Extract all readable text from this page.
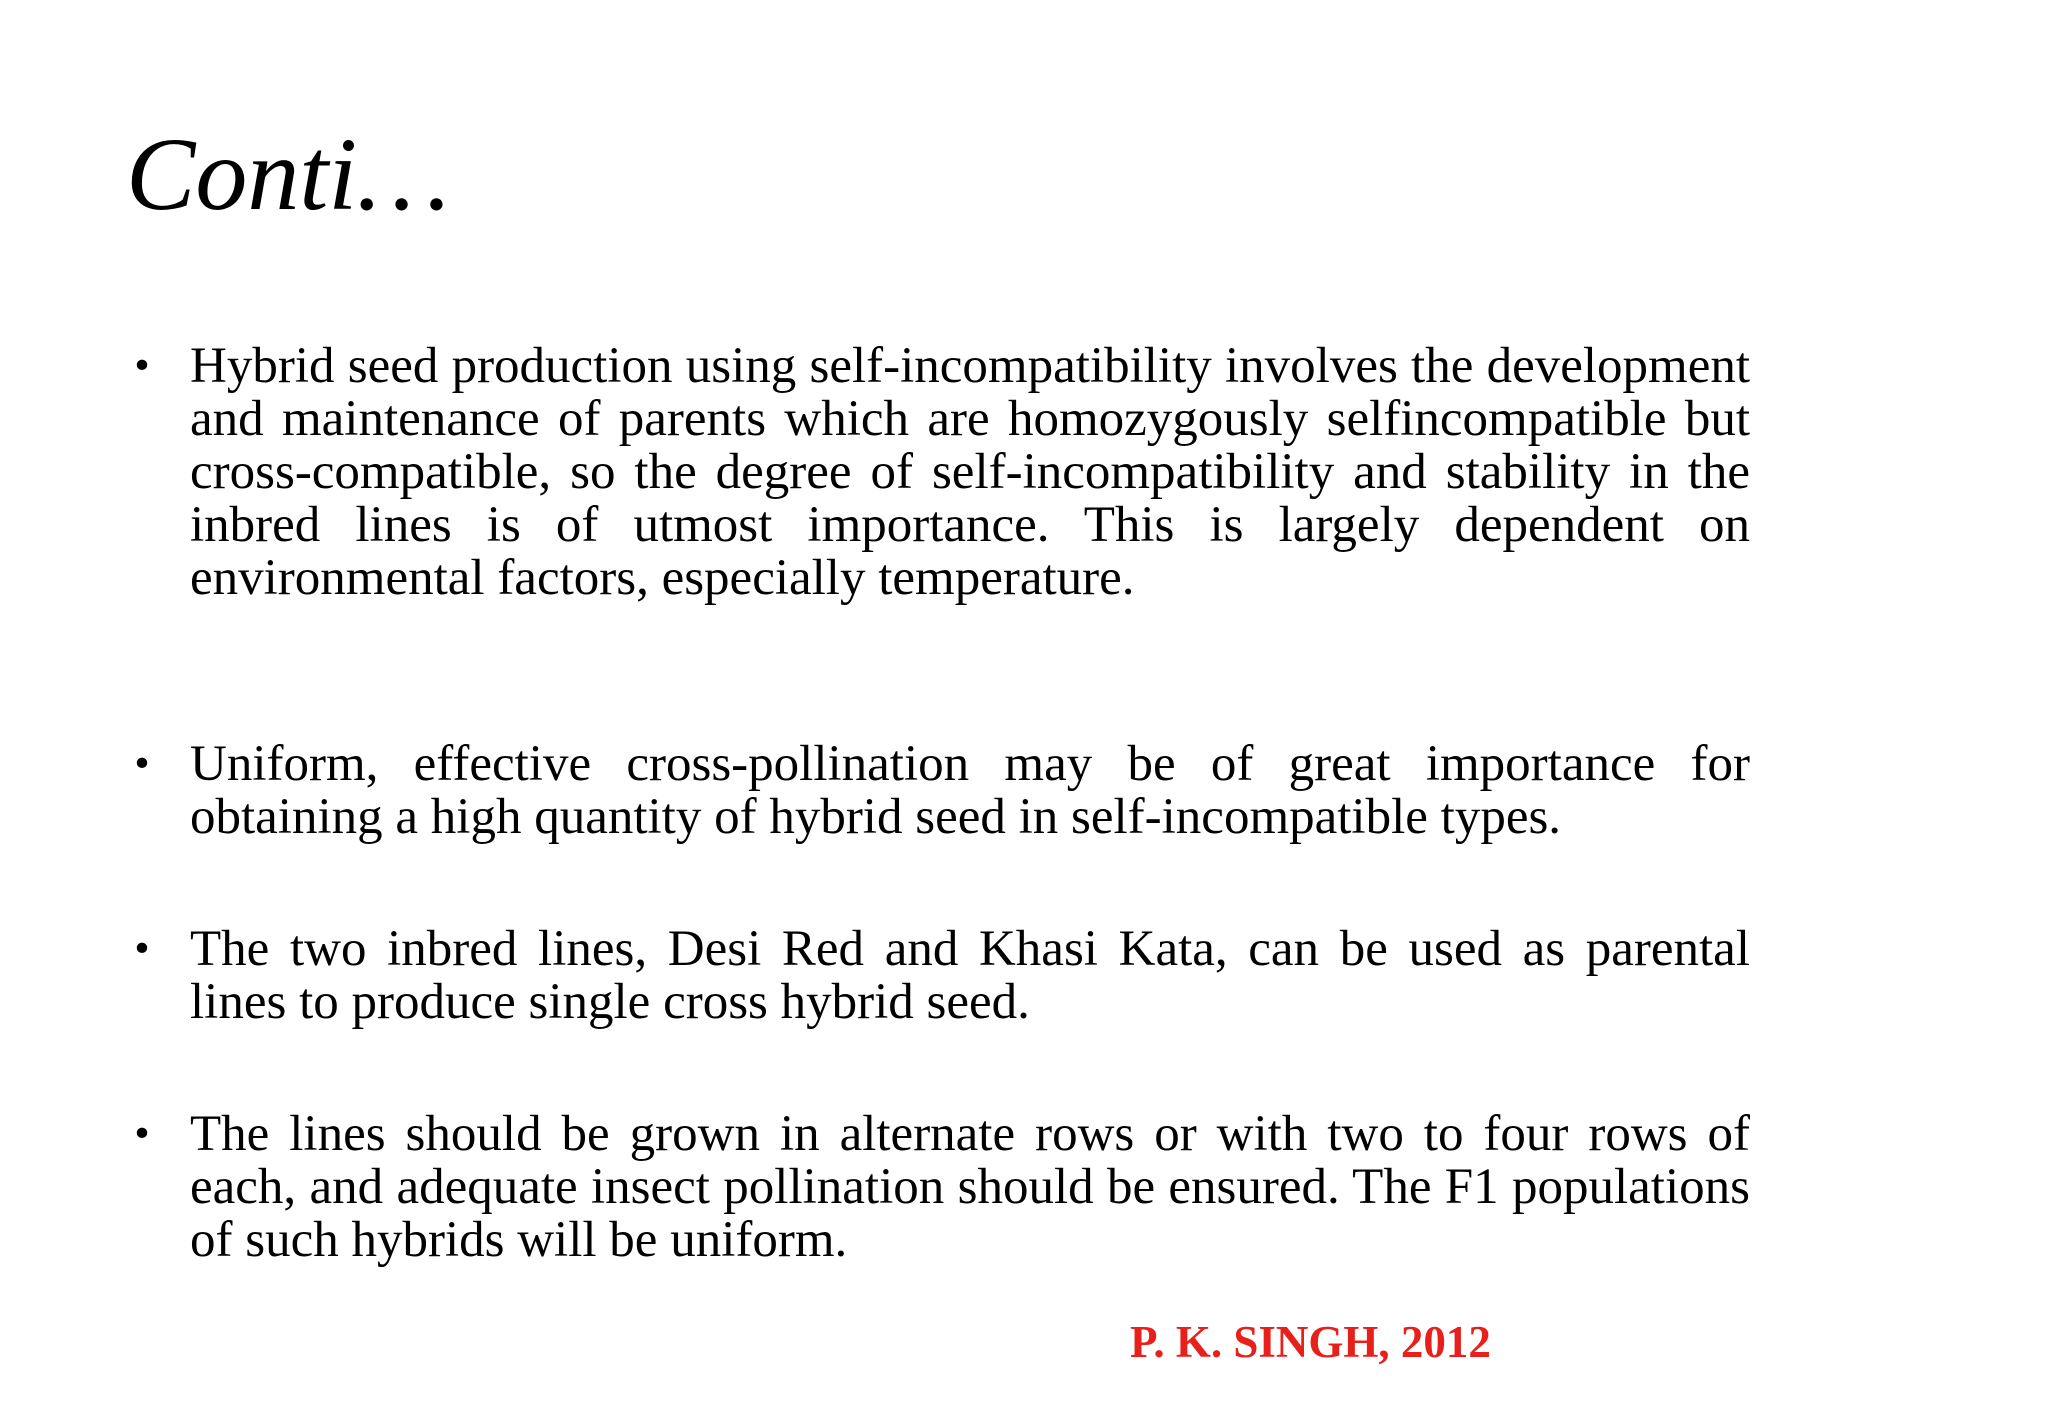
Conti…
• Hybrid seed production using self-incompatibility involves the development and maintenance of parents which are homozygously selfincompatible but cross-compatible, so the degree of self-incompatibility and stability in the inbred lines is of utmost importance. This is largely dependent on environmental factors, especially temperature.
• Uniform, effective cross-pollination may be of great importance for obtaining a high quantity of hybrid seed in self-incompatible types.
• The two inbred lines, Desi Red and Khasi Kata, can be used as parental lines to produce single cross hybrid seed.
• The lines should be grown in alternate rows or with two to four rows of each, and adequate insect pollination should be ensured. The F1 populations of such hybrids will be uniform.
P. K. SINGH, 2012
